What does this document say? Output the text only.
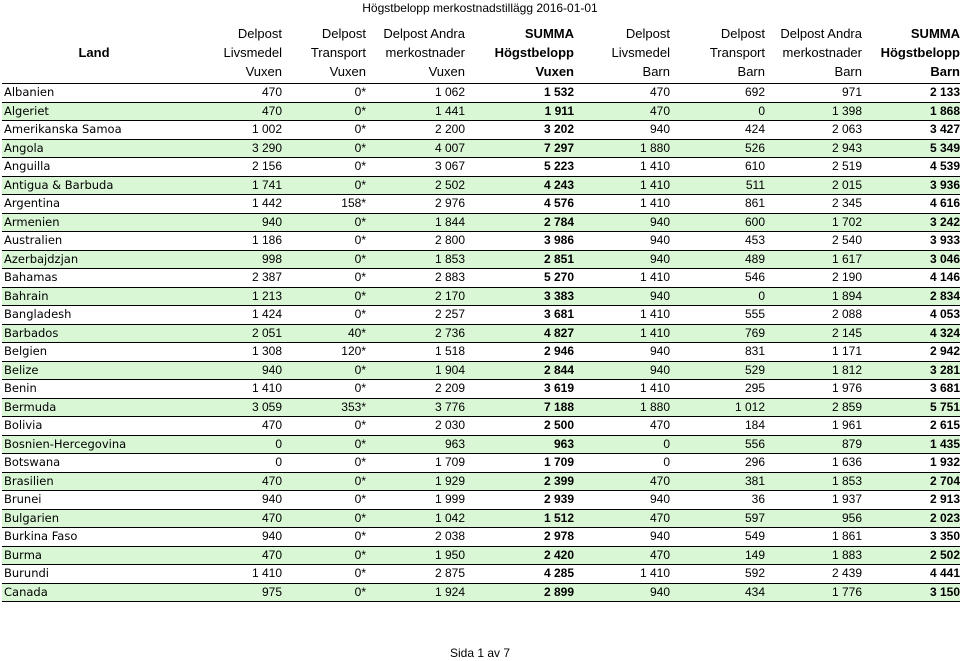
Högstbelopp merkostnadstillägg 2016-01-01
Land	Delpost
Livsmedel
Vuxen	Delpost
Transport
Vuxen	Delpost Andra
merkostnader
Vuxen	SUMMA
Högstbelopp
Vuxen	Delpost
Livsmedel
Barn	Delpost
Transport
Barn	Delpost Andra
merkostnader
Barn	SUMMA
Högstbelopp
Barn

Albanien	470	0*	1 062	1 532	470	692	971	2 133
Algeriet	470	0*	1 441	1 911	470	0	1 398	1 868
Amerikanska Samoa	1 002	0*	2 200	3 202	940	424	2 063	3 427
Angola	3 290	0*	4 007	7 297	1 880	526	2 943	5 349
Anguilla	2 156	0*	3 067	5 223	1 410	610	2 519	4 539
Antigua & Barbuda	1 741	0*	2 502	4 243	1 410	511	2 015	3 936
Argentina	1 442	158*	2 976	4 576	1 410	861	2 345	4 616
Armenien	940	0*	1 844	2 784	940	600	1 702	3 242
Australien	1 186	0*	2 800	3 986	940	453	2 540	3 933
Azerbajdzjan	998	0*	1 853	2 851	940	489	1 617	3 046
Bahamas	2 387	0*	2 883	5 270	1 410	546	2 190	4 146
Bahrain	1 213	0*	2 170	3 383	940	0	1 894	2 834
Bangladesh	1 424	0*	2 257	3 681	1 410	555	2 088	4 053
Barbados	2 051	40*	2 736	4 827	1 410	769	2 145	4 324
Belgien	1 308	120*	1 518	2 946	940	831	1 171	2 942
Belize	940	0*	1 904	2 844	940	529	1 812	3 281
Benin	1 410	0*	2 209	3 619	1 410	295	1 976	3 681
Bermuda	3 059	353*	3 776	7 188	1 880	1 012	2 859	5 751
Bolivia	470	0*	2 030	2 500	470	184	1 961	2 615
Bosnien-Hercegovina	0	0*	963	963	0	556	879	1 435
Botswana	0	0*	1 709	1 709	0	296	1 636	1 932
Brasilien	470	0*	1 929	2 399	470	381	1 853	2 704
Brunei	940	0*	1 999	2 939	940	36	1 937	2 913
Bulgarien	470	0*	1 042	1 512	470	597	956	2 023
Burkina Faso	940	0*	2 038	2 978	940	549	1 861	3 350
Burma	470	0*	1 950	2 420	470	149	1 883	2 502
Burundi	1 410	0*	2 875	4 285	1 410	592	2 439	4 441
Canada	975	0*	1 924	2 899	940	434	1 776	3 150
Sida 1 av 7
